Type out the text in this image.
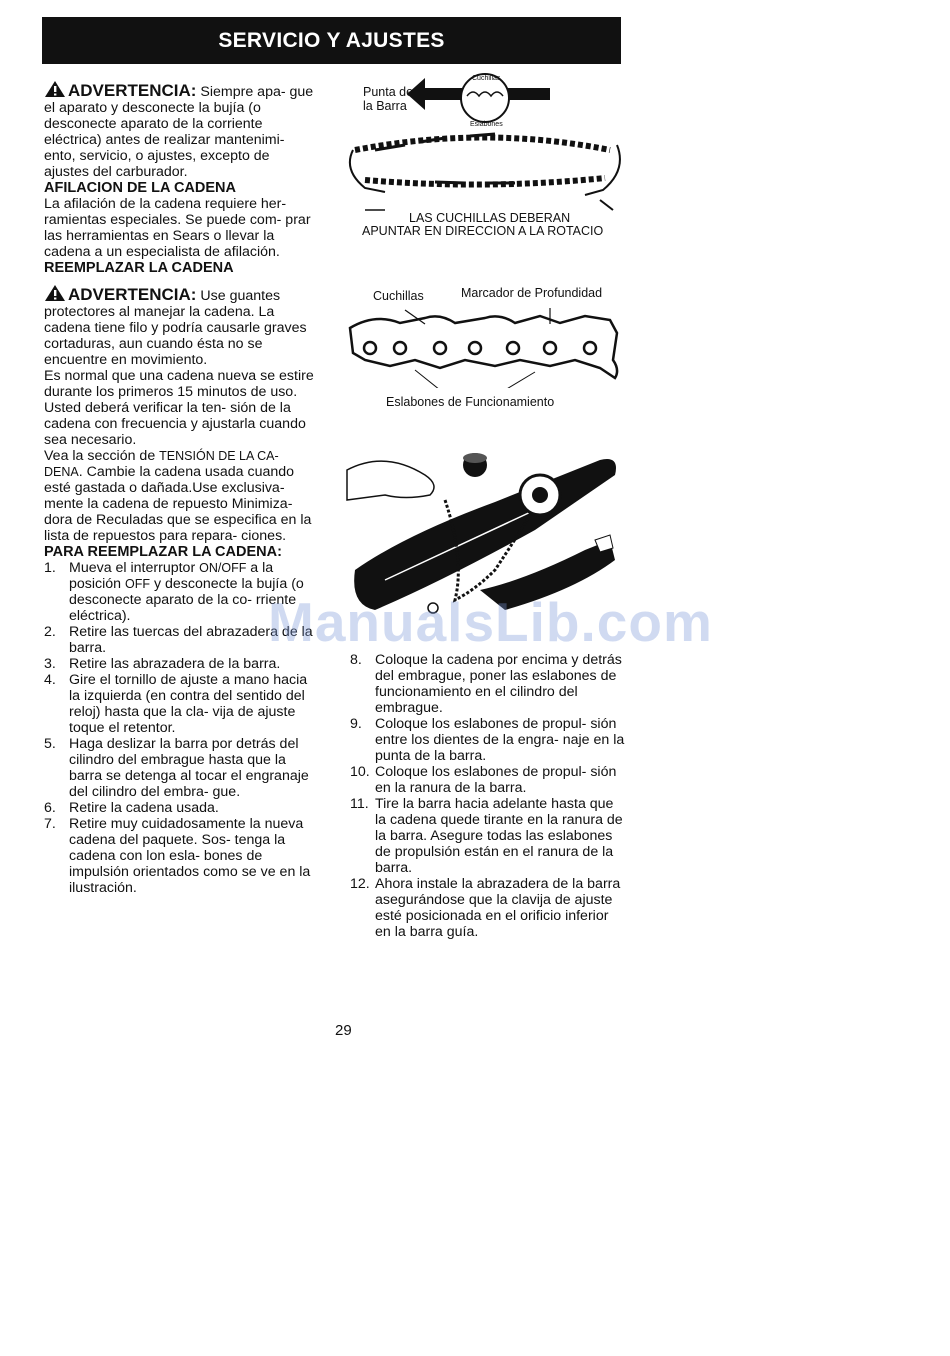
SERVICIO Y AJUSTES

ADVERTENCIA: Siempre apa- gue el aparato y desconecte la bujía (o desconecte aparato de la corriente eléctrica) antes de realizar mantenimi- ento, servicio, o ajustes, excepto de ajustes del carburador.

AFILACION DE LA CADENA

La afilación de la cadena requiere her- ramientas especiales. Se puede com- prar las herramientas en Sears o llevar la cadena a un especialista de afilación.

REEMPLAZAR LA CADENA

ADVERTENCIA: Use guantes protectores al manejar la cadena. La cadena tiene filo y podría causarle graves cortaduras, aun cuando ésta no se encuentre en movimiento.

Es normal que una cadena nueva se estire durante los primeros 15 minutos de uso. Usted deberá verificar la ten- sión de la cadena con frecuencia y ajustarla cuando sea necesario.

Vea la sección de TENSIÓN DE LA CA- DENA. Cambie la cadena usada cuando esté gastada o dañada.Use exclusiva- mente la cadena de repuesto Minimiza- dora de Reculadas que se especifica en la lista de repuestos para repara- ciones.

PARA REEMPLAZAR LA CADENA:

1. Mueva el interruptor ON/OFF a la posición OFF y desconecte la bujía (o desconecte aparato de la co- rriente eléctrica).
2. Retire las tuercas del abrazadera de la barra.
3. Retire las abrazadera de la barra.
4. Gire el tornillo de ajuste a mano hacia la izquierda (en contra del sentido del reloj) hasta que la cla- vija de ajuste toque el retentor.
5. Haga deslizar la barra por detrás del cilindro del embrague hasta que la barra se detenga al tocar el engranaje del cilindro del embra- gue.
6. Retire la cadena usada.
7. Retire muy cuidadosamente la nueva cadena del paquete. Sos- tenga la cadena con lon esla- bones de impulsión orientados como se ve en la ilustración.
Punta de
la Barra
Cuchillas
Eslabones
LAS CUCHILLAS DEBERAN
APUNTAR EN DIRECCION A LA ROTACIO
Cuchillas	Marcador de Profundidad
Eslabones de Funcionamiento
8. Coloque la cadena por encima y detrás del embrague, poner las eslabones de funcionamiento en el cilindro del embrague.
9. Coloque los eslabones de propul- sión entre los dientes de la engra- naje en la punta de la barra.
10. Coloque los eslabones de propul- sión en la ranura de la barra.
11. Tire la barra hacia adelante hasta que la cadena quede tirante en la ranura de la barra. Asegure todas las eslabones de propulsión están en el ranura de la barra.
12. Ahora instale la abrazadera de la barra asegurándose que la clavija de ajuste esté posicionada en el orificio inferior en la barra guía.
ManualsLib.com
29
